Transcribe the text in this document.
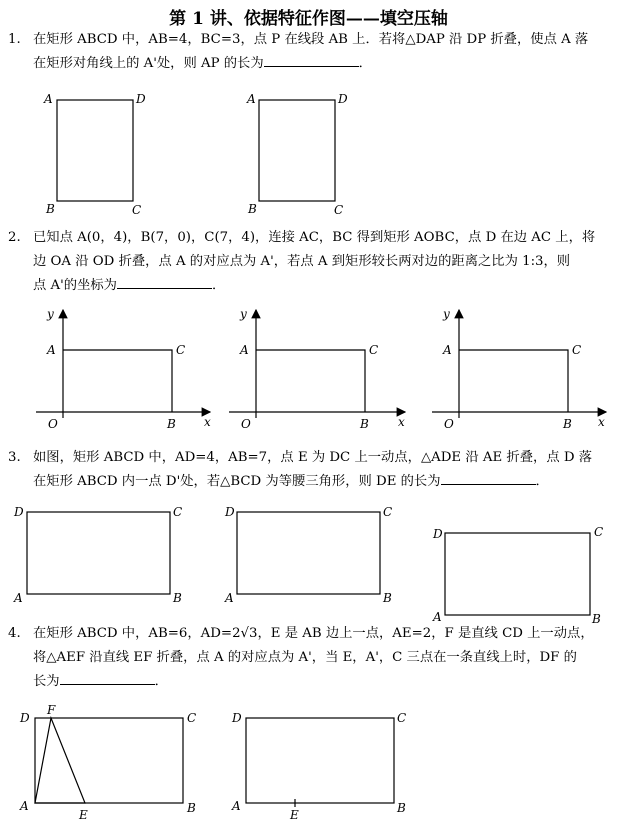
第 1 讲、依据特征作图——填空压轴
1. 在矩形 ABCD 中，AB=4，BC=3，点 P 在线段 AB 上．若将△DAP 沿 DP 折叠，使点 A 落
在矩形对角线上的 A'处，则 AP 的长为	．
2. 已知点 A(0，4)，B(7，0)，C(7，4)，连接 AC，BC 得到矩形 AOBC，点 D 在边 AC 上，将
边 OA 沿 OD 折叠，点 A 的对应点为 A'，若点 A 到矩形较长两对边的距离之比为 1:3，则
点 A'的坐标为	．
3. 如图，矩形 ABCD 中，AD=4，AB=7，点 E 为 DC 上一动点，△ADE 沿 AE 折叠，点 D 落
在矩形 ABCD 内一点 D'处，若△BCD 为等腰三角形，则 DE 的长为	．
4. 在矩形 ABCD 中，AB=6，AD=2√3，E 是 AB 边上一点，AE=2，F 是直线 CD 上一动点，
将△AEF 沿直线 EF 折叠，点 A 的对应点为 A'，当 E，A'，C 三点在一条直线上时，DF 的
长为	．
A	D
B	C
A	D
B	C
y
x
A	C
O	B
y
x
A	C
O	B
y
x
A	C
O	B
D	C
A	B
D	C
A	B
D	C
A	B
D
F
C
A
E	B
D	C
A
E	B
